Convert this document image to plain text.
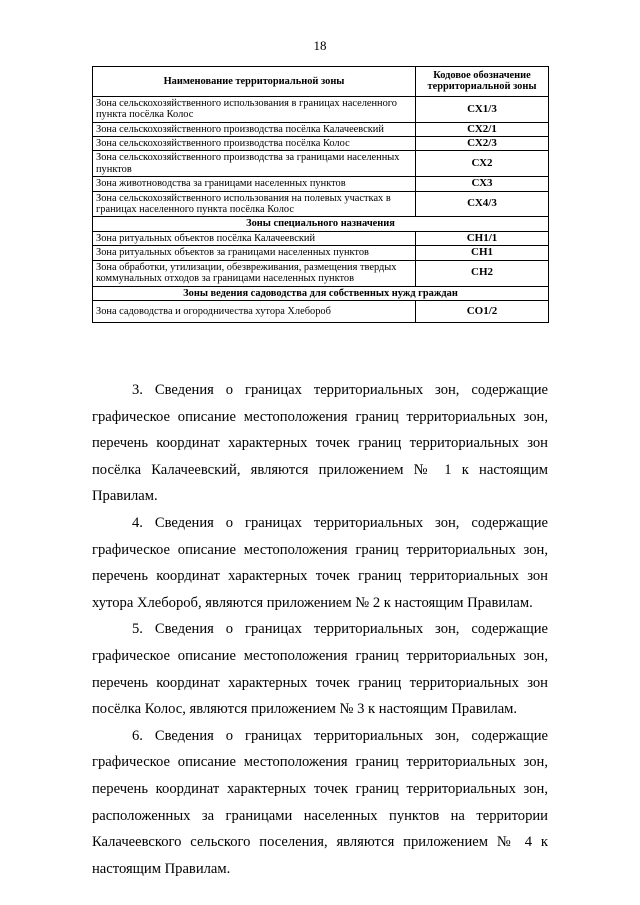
18
Наименование территориальной зоны	Кодовое обозначение территориальной зоны
Зона сельскохозяйственного использования в границах населенного пункта посёлка Колос	СХ1/3
Зона сельскохозяйственного производства посёлка Калачеевский	СХ2/1
Зона сельскохозяйственного производства посёлка Колос	СХ2/3
Зона сельскохозяйственного производства за границами населенных пунктов	СХ2
Зона животноводства за границами населенных пунктов	СХ3
Зона сельскохозяйственного использования на полевых участках в границах населенного пункта посёлка Колос	СХ4/3
Зоны специального назначения	
Зона ритуальных объектов посёлка Калачеевский	СН1/1
Зона ритуальных объектов за границами населенных пунктов	СН1
Зона обработки, утилизации, обезвреживания, размещения твердых коммунальных отходов за границами населенных пунктов	СН2
Зоны ведения садоводства для собственных нужд граждан	
Зона садоводства и огородничества хутора Хлебороб	СО1/2

3. Сведения о границах территориальных зон, содержащие графическое описание местоположения границ территориальных зон, перечень координат характерных точек границ территориальных зон посёлка Калачеевский, являются приложением № 1 к настоящим Правилам.

4. Сведения о границах территориальных зон, содержащие графическое описание местоположения границ территориальных зон, перечень координат характерных точек границ территориальных зон хутора Хлебороб, являются приложением № 2 к настоящим Правилам.

5. Сведения о границах территориальных зон, содержащие графическое описание местоположения границ территориальных зон, перечень координат характерных точек границ территориальных зон посёлка Колос, являются приложением № 3 к настоящим Правилам.

6. Сведения о границах территориальных зон, содержащие графическое описание местоположения границ территориальных зон, перечень координат характерных точек границ территориальных зон, расположенных за границами населенных пунктов на территории Калачеевского сельского поселения, являются приложением № 4 к настоящим Правилам.
